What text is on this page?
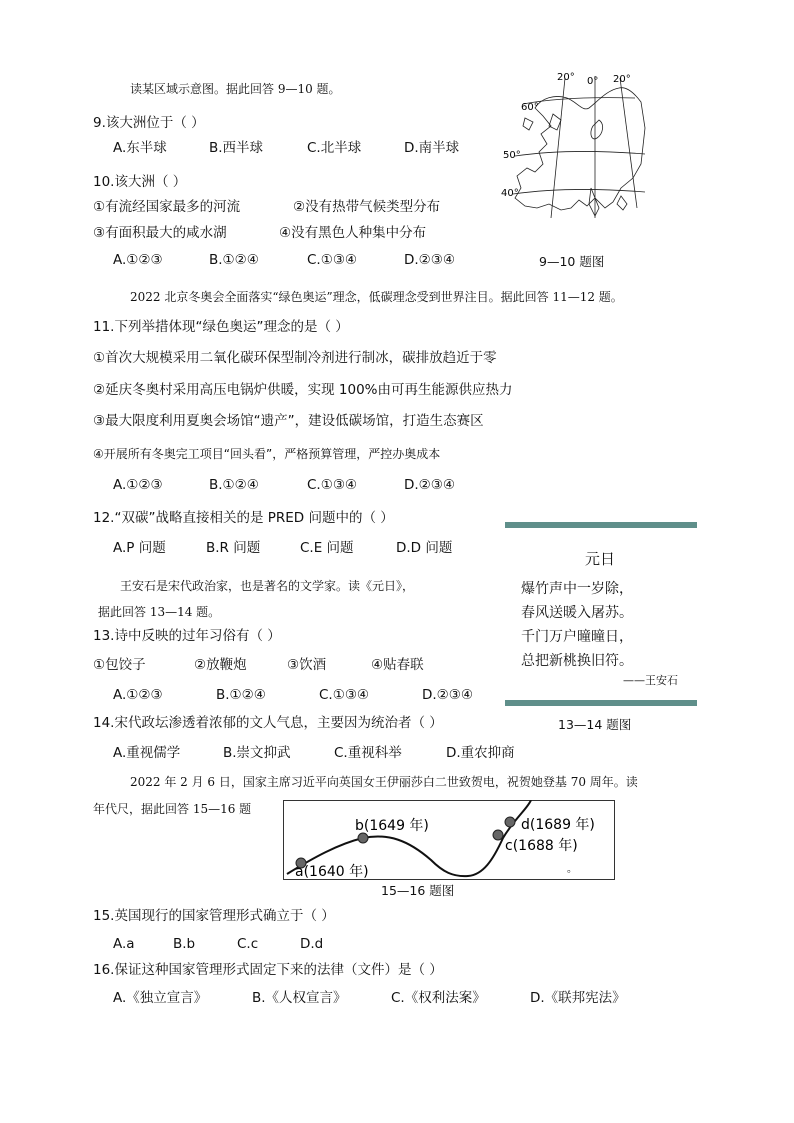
读某区域示意图。据此回答 9—10 题。
9.该大洲位于（ ）
A.东半球	B.西半球	C.北半球	D.南半球
10.该大洲（ ）
①有流经国家最多的河流	②没有热带气候类型分布
③有面积最大的咸水湖	④没有黑色人种集中分布
A.①②③	B.①②④	C.①③④	D.②③④
20° 0° 20°
60°
50°
40°
9—10 题图
2022 北京冬奥会全面落实“绿色奥运”理念，低碳理念受到世界注目。据此回答 11—12 题。
11.下列举措体现“绿色奥运”理念的是（ ）
①首次大规模采用二氧化碳环保型制冷剂进行制冰，碳排放趋近于零
②延庆冬奥村采用高压电锅炉供暖，实现 100%由可再生能源供应热力
③最大限度利用夏奥会场馆“遗产”，建设低碳场馆，打造生态赛区
④开展所有冬奥完工项目“回头看”，严格预算管理，严控办奥成本
A.①②③	B.①②④	C.①③④	D.②③④
12.“双碳”战略直接相关的是 PRED 问题中的（ ）
A.P 问题	B.R 问题	C.E 问题	D.D 问题
元日
爆竹声中一岁除，
春风送暖入屠苏。
千门万户曈曈日，
总把新桃换旧符。
——王安石
王安石是宋代政治家，也是著名的文学家。读《元日》，
据此回答 13—14 题。
13.诗中反映的过年习俗有（ ）
①包饺子	②放鞭炮	③饮酒	④贴春联
A.①②③	B.①②④	C.①③④	D.②③④
14.宋代政坛渗透着浓郁的文人气息，主要因为统治者（ ）	13—14 题图
A.重视儒学	B.崇文抑武	C.重视科举	D.重农抑商
2022 年 2 月 6 日，国家主席习近平向英国女王伊丽莎白二世致贺电，祝贺她登基 70 周年。读
年代尺，据此回答 15—16 题
a(1640 年)
b(1649 年)
c(1688 年)
d(1689 年)
。
15—16 题图
15.英国现行的国家管理形式确立于（ ）
A.a	B.b	C.c	D.d
16.保证这种国家管理形式固定下来的法律（文件）是（ ）
A.《独立宣言》	B.《人权宣言》	C.《权利法案》	D.《联邦宪法》
